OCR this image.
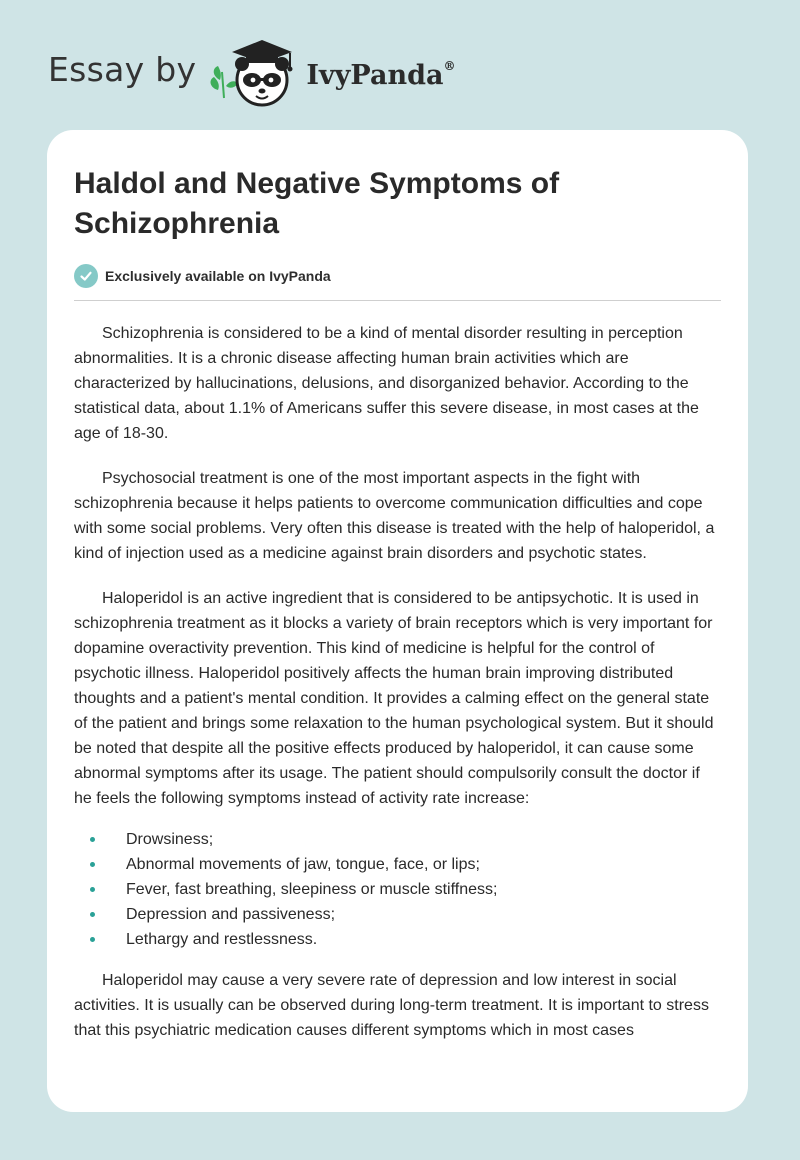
Essay by	IvyPanda®
Haldol and Negative Symptoms of Schizophrenia
Exclusively available on IvyPanda

Schizophrenia is considered to be a kind of mental disorder resulting in perception abnormalities. It is a chronic disease affecting human brain activities which are characterized by hallucinations, delusions, and disorganized behavior. According to the statistical data, about 1.1% of Americans suffer this severe disease, in most cases at the age of 18-30.

Psychosocial treatment is one of the most important aspects in the fight with schizophrenia because it helps patients to overcome communication difficulties and cope with some social problems. Very often this disease is treated with the help of haloperidol, a kind of injection used as a medicine against brain disorders and psychotic states.

Haloperidol is an active ingredient that is considered to be antipsychotic. It is used in schizophrenia treatment as it blocks a variety of brain receptors which is very important for dopamine overactivity prevention. This kind of medicine is helpful for the control of psychotic illness. Haloperidol positively affects the human brain improving distributed thoughts and a patient's mental condition. It provides a calming effect on the general state of the patient and brings some relaxation to the human psychological system. But it should be noted that despite all the positive effects produced by haloperidol, it can cause some abnormal symptoms after its usage. The patient should compulsorily consult the doctor if he feels the following symptoms instead of activity rate increase:

Drowsiness;
Abnormal movements of jaw, tongue, face, or lips;
Fever, fast breathing, sleepiness or muscle stiffness;
Depression and passiveness;
Lethargy and restlessness.

Haloperidol may cause a very severe rate of depression and low interest in social activities. It is usually can be observed during long-term treatment. It is important to stress that this psychiatric medication causes different symptoms which in most cases
